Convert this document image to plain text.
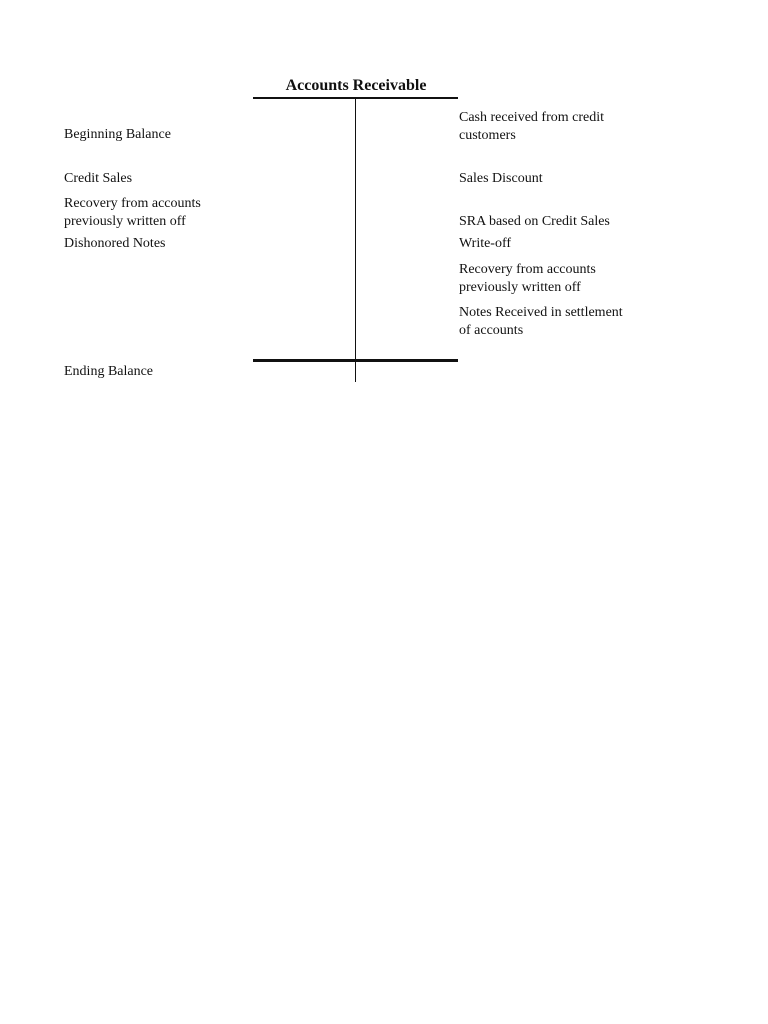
Accounts Receivable
Beginning Balance
Credit Sales
Recovery from accounts
previously written off
Dishonored Notes
Ending Balance
Cash received from credit
customers
Sales Discount
SRA based on Credit Sales
Write-off
Recovery from accounts
previously written off
Notes Received in settlement
of accounts
